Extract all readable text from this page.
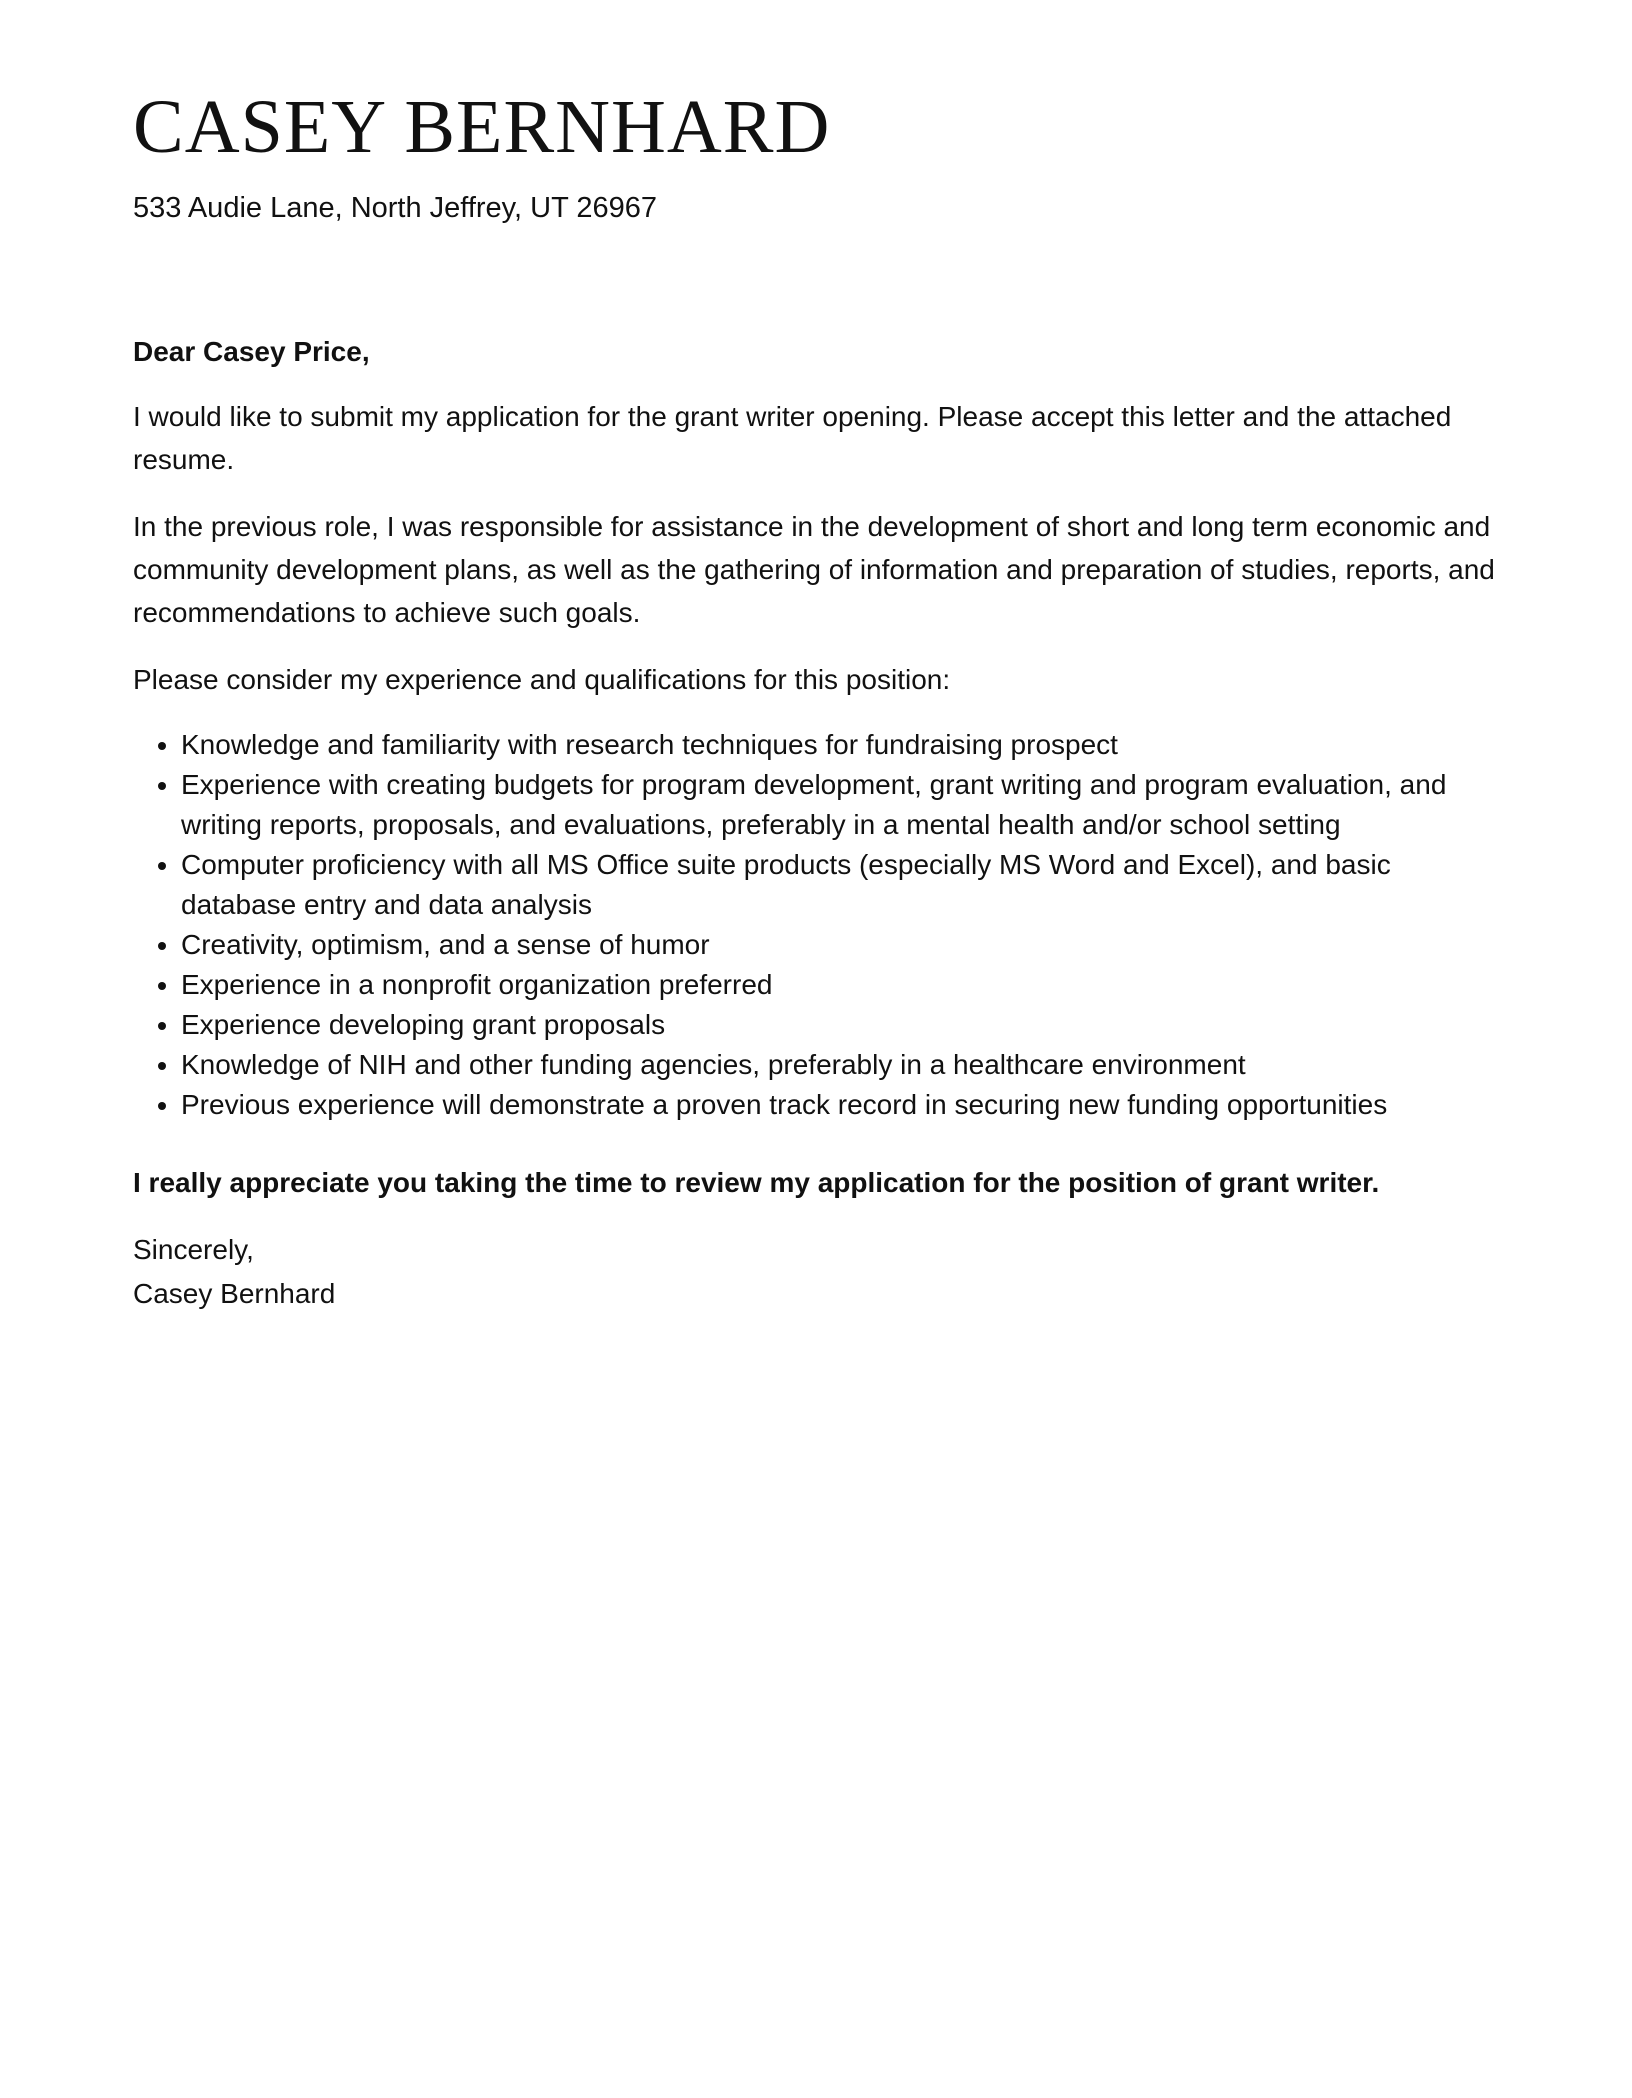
CASEY BERNHARD
533 Audie Lane, North Jeffrey, UT 26967

Dear Casey Price,

I would like to submit my application for the grant writer opening. Please accept this letter and the attached resume.

In the previous role, I was responsible for assistance in the development of short and long term economic and community development plans, as well as the gathering of information and preparation of studies, reports, and recommendations to achieve such goals.

Please consider my experience and qualifications for this position:

• Knowledge and familiarity with research techniques for fundraising prospect
• Experience with creating budgets for program development, grant writing and program evaluation, and writing reports, proposals, and evaluations, preferably in a mental health and/or school setting
• Computer proficiency with all MS Office suite products (especially MS Word and Excel), and basic database entry and data analysis
• Creativity, optimism, and a sense of humor
• Experience in a nonprofit organization preferred
• Experience developing grant proposals
• Knowledge of NIH and other funding agencies, preferably in a healthcare environment
• Previous experience will demonstrate a proven track record in securing new funding opportunities

I really appreciate you taking the time to review my application for the position of grant writer.

Sincerely,
Casey Bernhard
